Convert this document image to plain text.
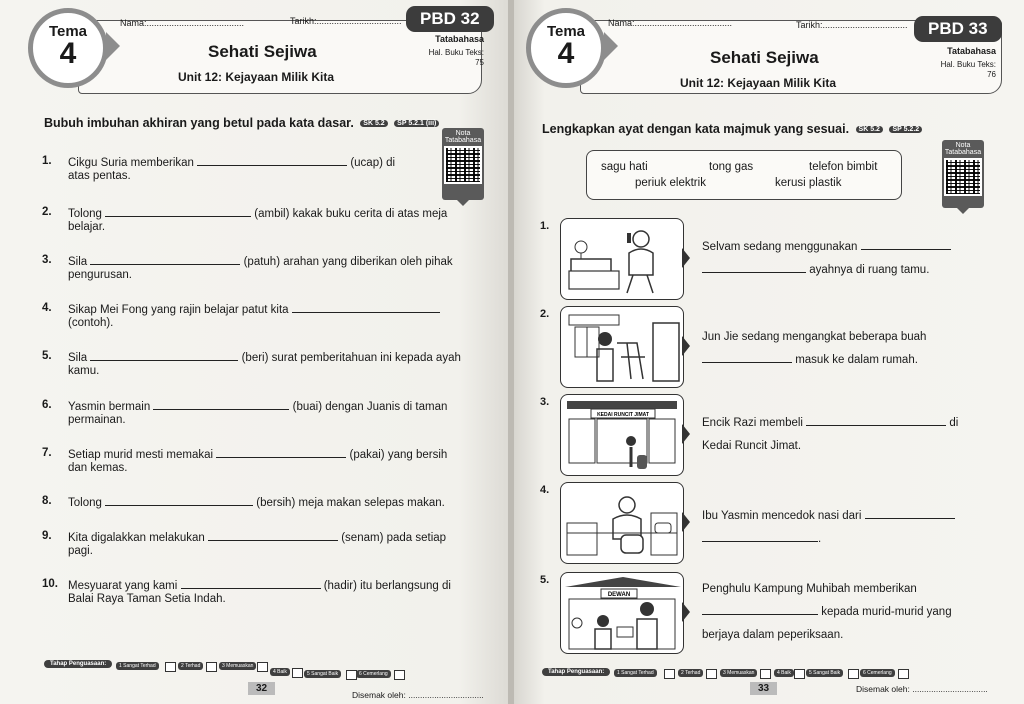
Tema
4
Nama:.......................................	Tarikh:..................................	PBD 32
Sehati Sejiwa
Unit 12: Kejayaan Milik Kita
Tatabahasa
Hal. Buku Teks:
75
Bubuh imbuhan akhiran yang betul pada kata dasar. SK 5.2 SP 5.2.1 (iii)
Nota
Tatabahasa
1. Cikgu Suria memberikan	(ucap) di
atas pentas.
2. Tolong	(ambil) kakak buku cerita di atas meja
belajar.
3. Sila	(patuh) arahan yang diberikan oleh pihak
pengurusan.
4. Sikap Mei Fong yang rajin belajar patut kita
(contoh).
5. Sila	(beri) surat pemberitahuan ini kepada ayah
kamu.
6. Yasmin bermain	(buai) dengan Juanis di taman
permainan.
7. Setiap murid mesti memakai	(pakai) yang bersih
dan kemas.
8. Tolong	(bersih) meja makan selepas makan.
9. Kita digalakkan melakukan	(senam) pada setiap
pagi.
10. Mesyuarat yang kami	(hadir) itu berlangsung di
Balai Raya Taman Setia Indah.
Tahap Penguasaan:	1 Sangat Terhad	2 Terhad	3 Memuaskan
4 Baik	5 Sangat Baik	6 Cemerlang
32
Disemak oleh: ................................
Tema
4
Nama:.......................................	Tarikh:..................................	PBD 33
Sehati Sejiwa
Unit 12: Kejayaan Milik Kita
Tatabahasa
Hal. Buku Teks:
76
Lengkapkan ayat dengan kata majmuk yang sesuai. SK 5.2 SP 5.2.2
Nota
Tatabahasa
sagu hati	tong gas	telefon bimbit
periuk elektrik	kerusi plastik
1.
Selvam sedang menggunakan
ayahnya di ruang tamu.
2.
Jun Jie sedang mengangkat beberapa buah
masuk ke dalam rumah.
3.
KEDAI RUNCIT JIMAT
Encik Razi membeli	di
Kedai Runcit Jimat.
4.
Ibu Yasmin mencedok nasi dari
.
5.
DEWAN	Penghulu Kampung Muhibah memberikan
kepada murid-murid yang
berjaya dalam peperiksaan.
Tahap Penguasaan:	1 Sangat Terhad	2 Terhad	3 Memuaskan	4 Baik	5 Sangat Baik	6 Cemerlang
33	Disemak oleh: ................................
